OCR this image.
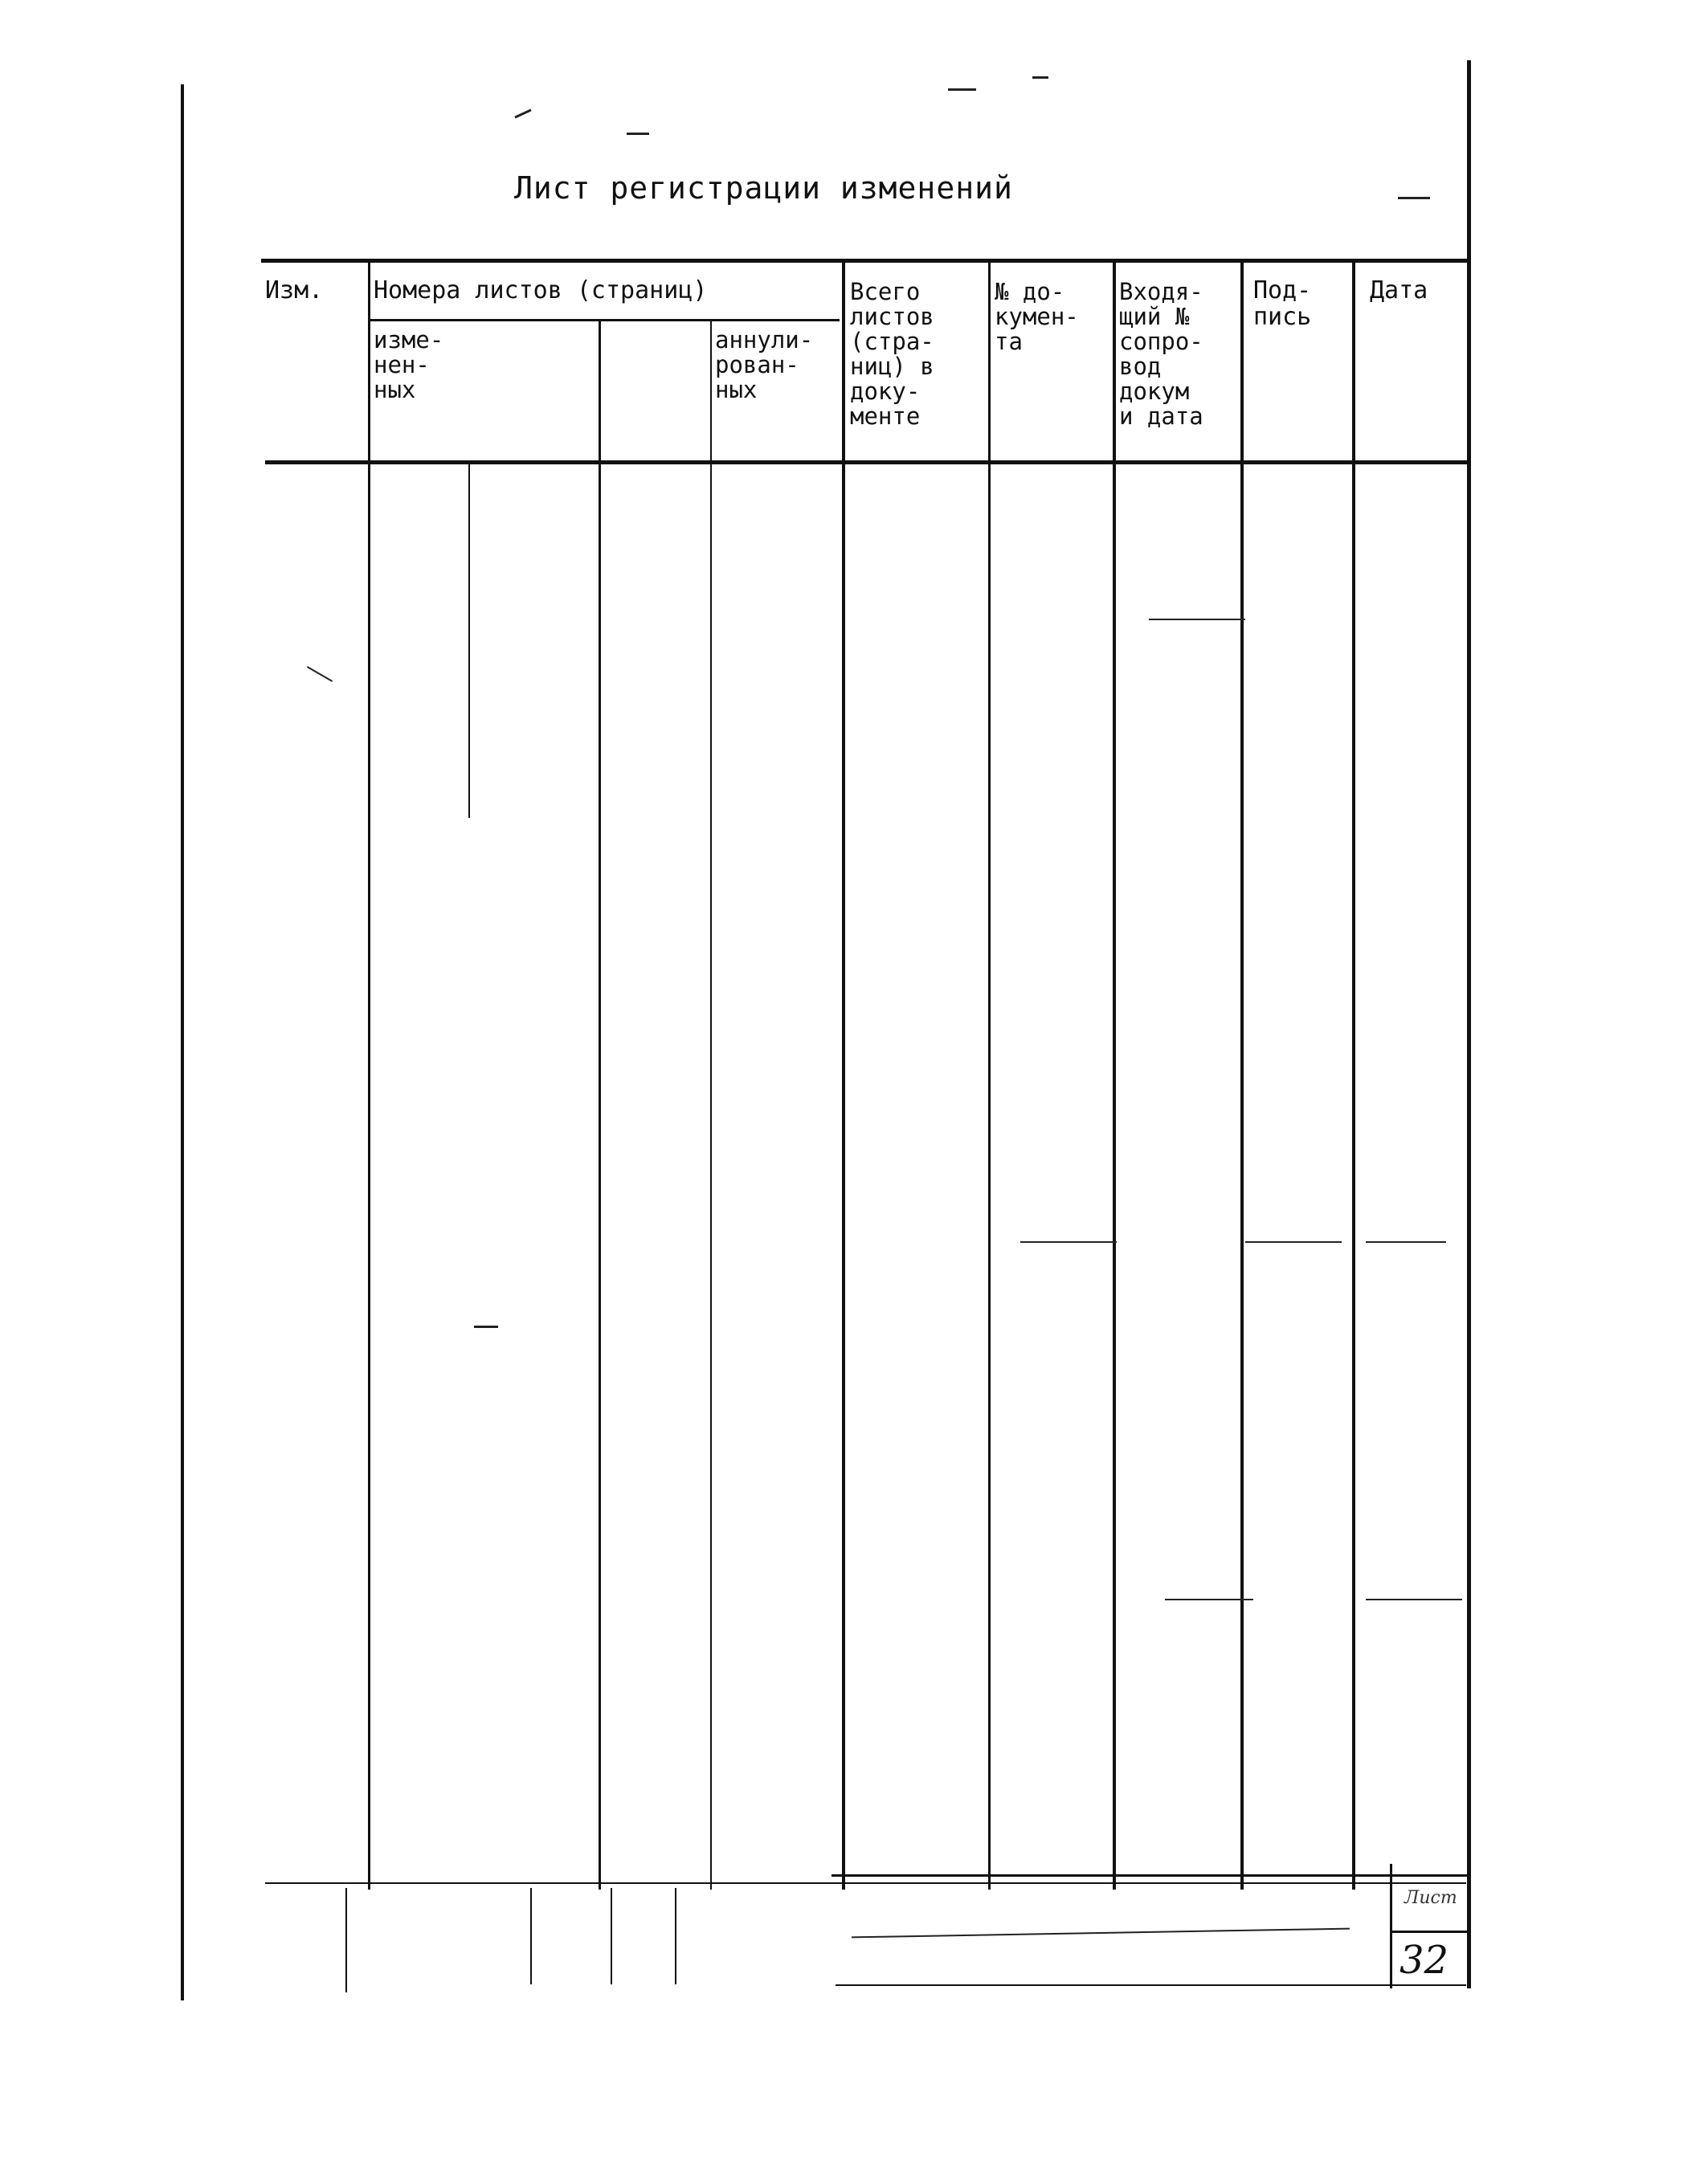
Лист регистрации изменений
Изм. Номера листов (страниц)
изме-
нен-
ных
аннули-
рован-
ных
Всего
листов
(стра-
ниц) в
доку-
менте
№ до-
кумен-
та
Входя-
щий №
сопро-
вод
докум
и дата
Под-
пись
Дата
Лист
32
